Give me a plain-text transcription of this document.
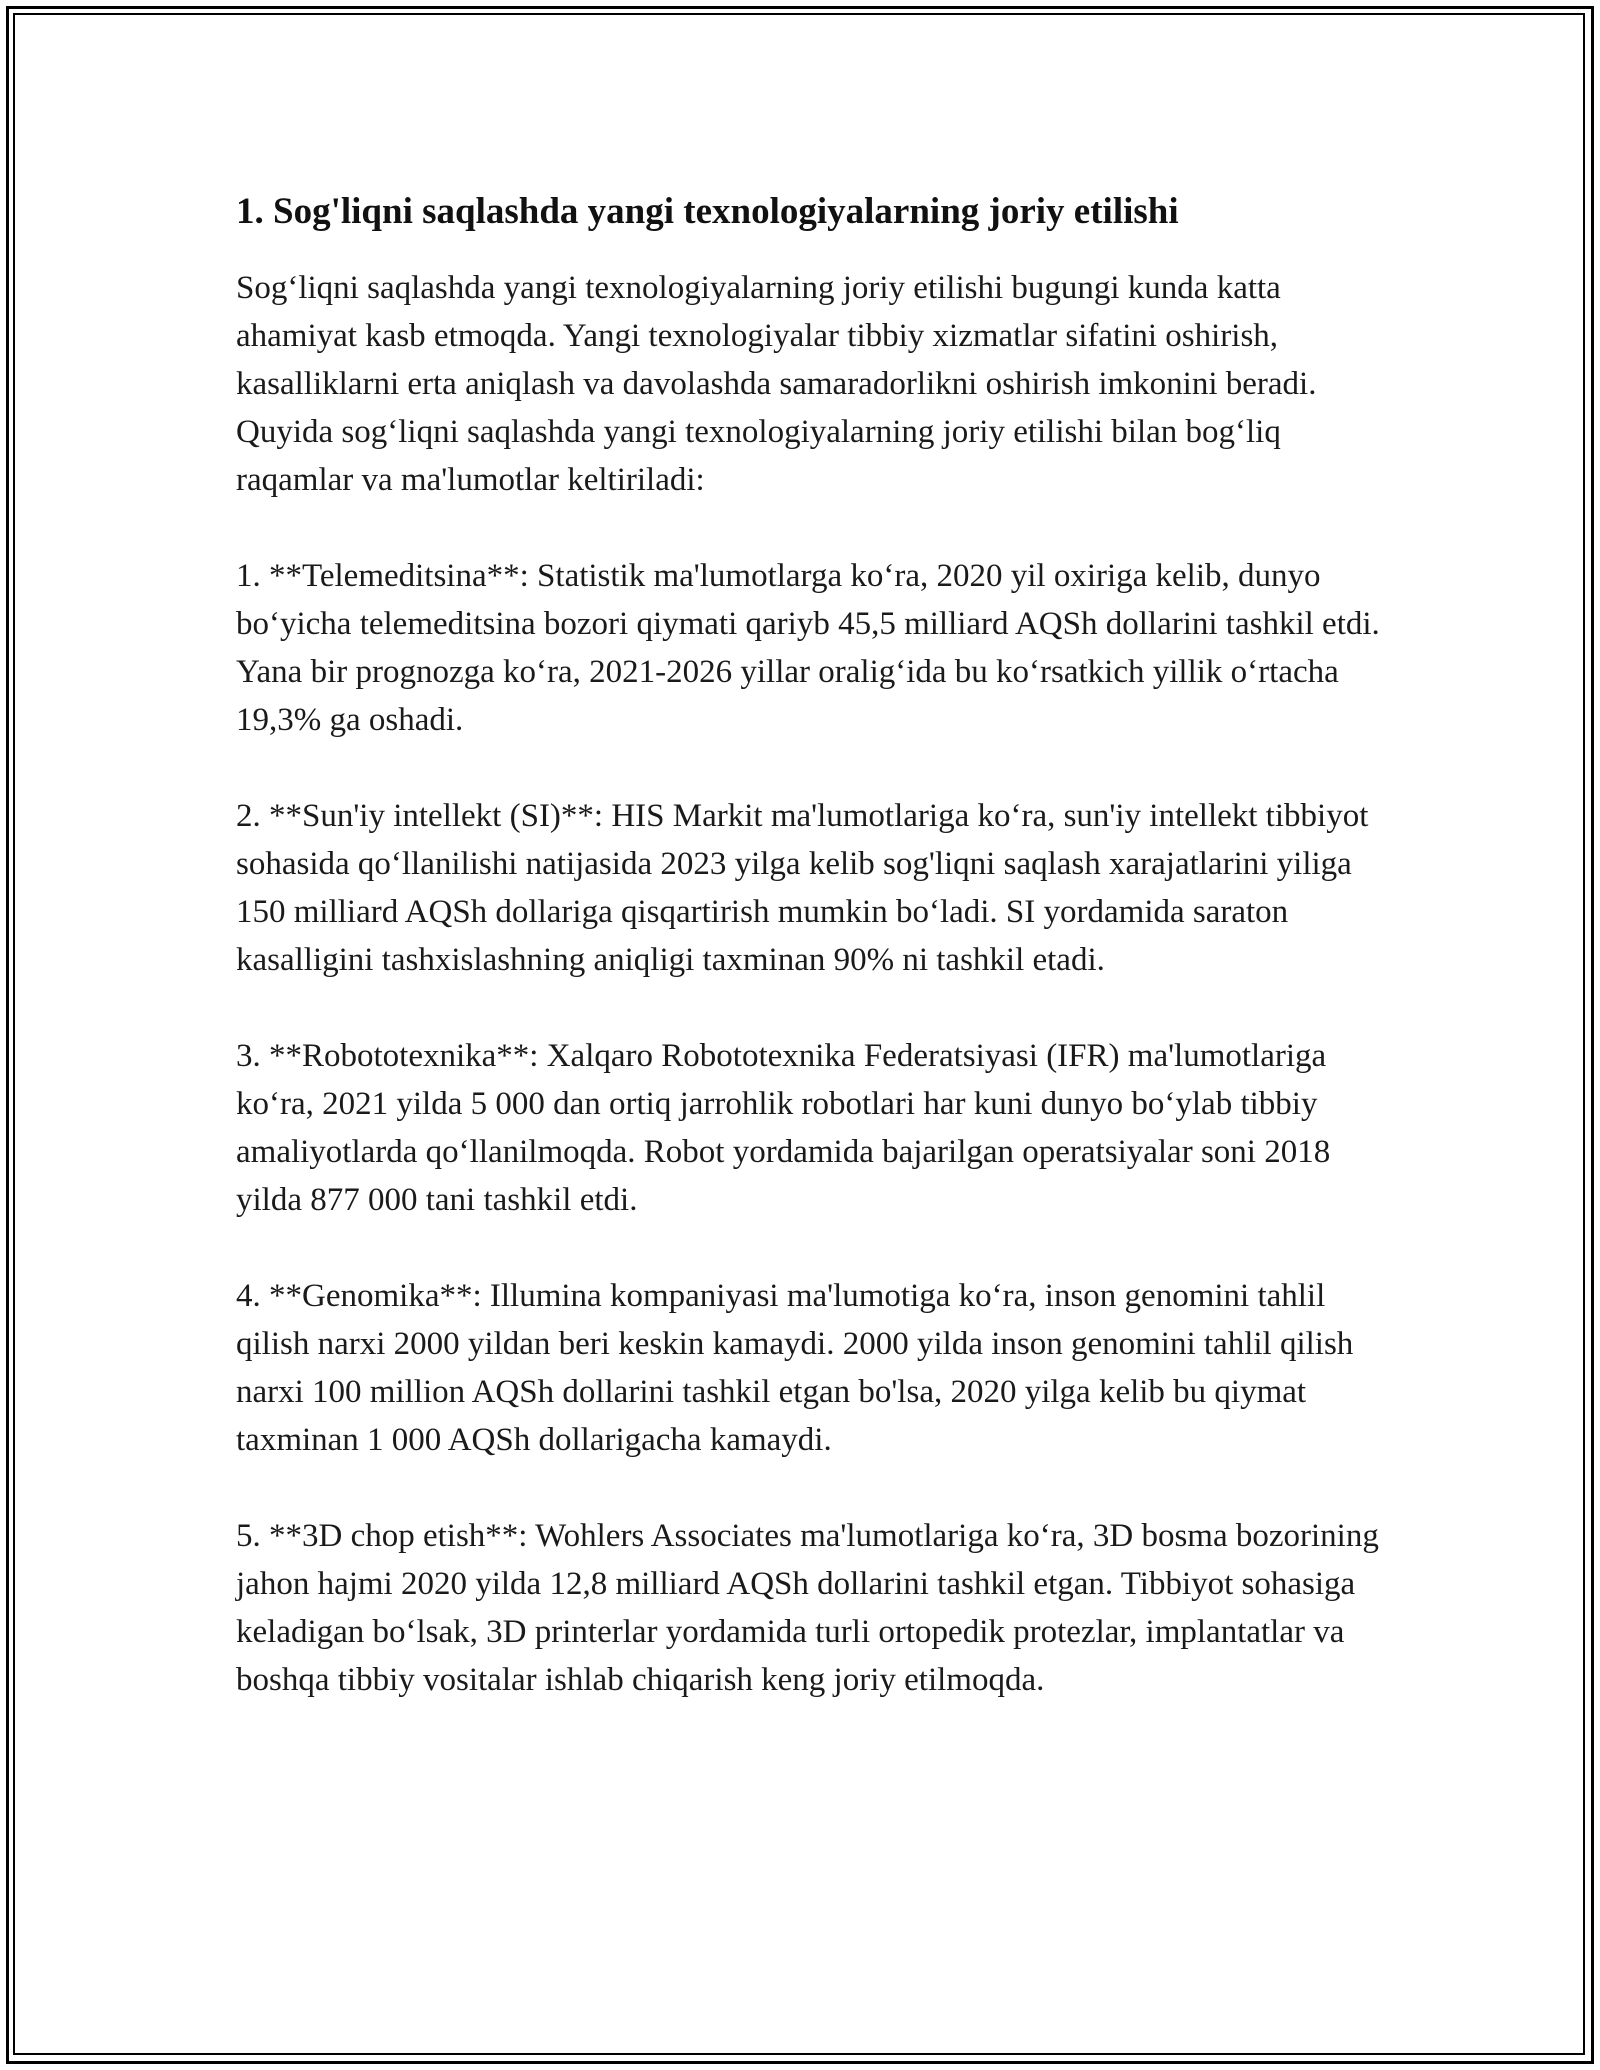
1. Sog'liqni saqlashda yangi texnologiyalarning joriy etilishi

Sog‘liqni saqlashda yangi texnologiyalarning joriy etilishi bugungi kunda katta ahamiyat kasb etmoqda. Yangi texnologiyalar tibbiy xizmatlar sifatini oshirish, kasalliklarni erta aniqlash va davolashda samaradorlikni oshirish imkonini beradi. Quyida sog‘liqni saqlashda yangi texnologiyalarning joriy etilishi bilan bog‘liq raqamlar va ma'lumotlar keltiriladi:

1. **Telemeditsina**: Statistik ma'lumotlarga ko‘ra, 2020 yil oxiriga kelib, dunyo bo‘yicha telemeditsina bozori qiymati qariyb 45,5 milliard AQSh dollarini tashkil etdi. Yana bir prognozga ko‘ra, 2021-2026 yillar oralig‘ida bu ko‘rsatkich yillik o‘rtacha 19,3% ga oshadi.

2. **Sun'iy intellekt (SI)**: HIS Markit ma'lumotlariga ko‘ra, sun'iy intellekt tibbiyot sohasida qo‘llanilishi natijasida 2023 yilga kelib sog'liqni saqlash xarajatlarini yiliga 150 milliard AQSh dollariga qisqartirish mumkin bo‘ladi. SI yordamida saraton kasalligini tashxislashning aniqligi taxminan 90% ni tashkil etadi.

3. **Robototexnika**: Xalqaro Robototexnika Federatsiyasi (IFR) ma'lumotlariga ko‘ra, 2021 yilda 5 000 dan ortiq jarrohlik robotlari har kuni dunyo bo‘ylab tibbiy amaliyotlarda qo‘llanilmoqda. Robot yordamida bajarilgan operatsiyalar soni 2018 yilda 877 000 tani tashkil etdi.

4. **Genomika**: Illumina kompaniyasi ma'lumotiga ko‘ra, inson genomini tahlil qilish narxi 2000 yildan beri keskin kamaydi. 2000 yilda inson genomini tahlil qilish narxi 100 million AQSh dollarini tashkil etgan bo'lsa, 2020 yilga kelib bu qiymat taxminan 1 000 AQSh dollarigacha kamaydi.

5. **3D chop etish**: Wohlers Associates ma'lumotlariga ko‘ra, 3D bosma bozorining jahon hajmi 2020 yilda 12,8 milliard AQSh dollarini tashkil etgan. Tibbiyot sohasiga keladigan bo‘lsak, 3D printerlar yordamida turli ortopedik protezlar, implantatlar va boshqa tibbiy vositalar ishlab chiqarish keng joriy etilmoqda.
